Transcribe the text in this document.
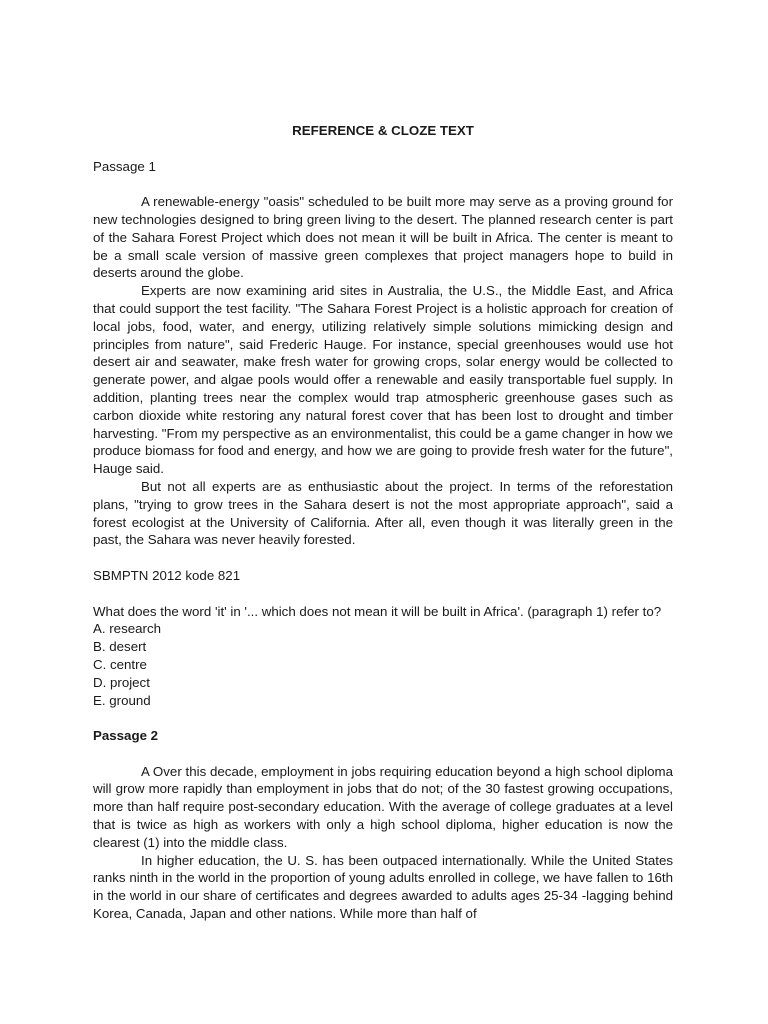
REFERENCE & CLOZE TEXT
Passage 1

A renewable-energy "oasis" scheduled to be built more may serve as a proving ground for new technologies designed to bring green living to the desert. The planned research center is part of the Sahara Forest Project which does not mean it will be built in Africa. The center is meant to be a small scale version of massive green complexes that project managers hope to build in deserts around the globe.

Experts are now examining arid sites in Australia, the U.S., the Middle East, and Africa that could support the test facility. "The Sahara Forest Project is a holistic approach for creation of local jobs, food, water, and energy, utilizing relatively simple solutions mimicking design and principles from nature", said Frederic Hauge. For instance, special greenhouses would use hot desert air and seawater, make fresh water for growing crops, solar energy would be collected to generate power, and algae pools would offer a renewable and easily transportable fuel supply. In addition, planting trees near the complex would trap atmospheric greenhouse gases such as carbon dioxide white restoring any natural forest cover that has been lost to drought and timber harvesting. "From my perspective as an environmentalist, this could be a game changer in how we produce biomass for food and energy, and how we are going to provide fresh water for the future", Hauge said.

But not all experts are as enthusiastic about the project. In terms of the reforestation plans, "trying to grow trees in the Sahara desert is not the most appropriate approach", said a forest ecologist at the University of California. After all, even though it was literally green in the past, the Sahara was never heavily forested.

SBMPTN 2012 kode 821
What does the word 'it' in '... which does not mean it will be built in Africa'. (paragraph 1) refer to?
A. research
B. desert
C. centre
D. project
E. ground
Passage 2

A Over this decade, employment in jobs requiring education beyond a high school diploma will grow more rapidly than employment in jobs that do not; of the 30 fastest growing occupations, more than half require post-secondary education. With the average of college graduates at a level that is twice as high as workers with only a high school diploma, higher education is now the clearest (1) into the middle class.

In higher education, the U. S. has been outpaced internationally. While the United States ranks ninth in the world in the proportion of young adults enrolled in college, we have fallen to 16th in the world in our share of certificates and degrees awarded to adults ages 25-34 -lagging behind Korea, Canada, Japan and other nations. While more than half of
